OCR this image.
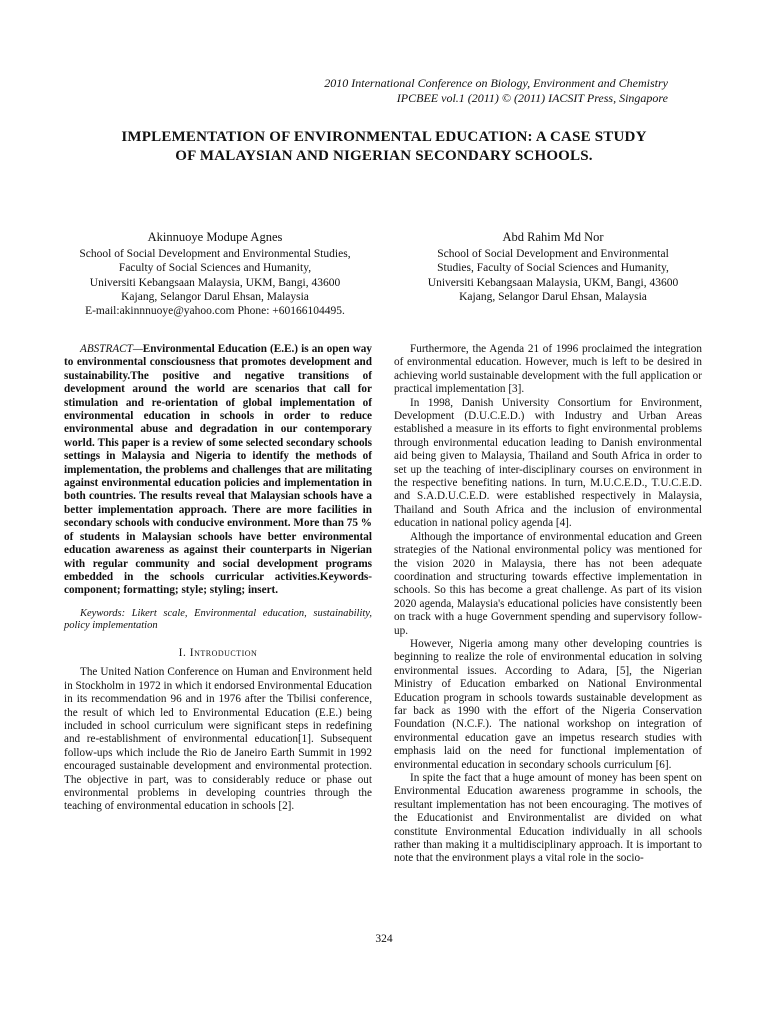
2010 International Conference on Biology, Environment and Chemistry
IPCBEE vol.1 (2011) © (2011) IACSIT Press, Singapore
IMPLEMENTATION OF ENVIRONMENTAL EDUCATION: A CASE STUDY
OF MALAYSIAN AND NIGERIAN SECONDARY SCHOOLS.
Akinnuoye Modupe Agnes
School of Social Development and Environmental Studies,
Faculty of Social Sciences and Humanity,
Universiti Kebangsaan Malaysia, UKM, Bangi, 43600
Kajang, Selangor Darul Ehsan, Malaysia
E-mail:akinnnuoye@yahoo.com Phone: +60166104495.
Abd Rahim Md Nor
School of Social Development and Environmental
Studies, Faculty of Social Sciences and Humanity,
Universiti Kebangsaan Malaysia, UKM, Bangi, 43600
Kajang, Selangor Darul Ehsan, Malaysia

ABSTRACT—Environmental Education (E.E.) is an open way to environmental consciousness that promotes development and sustainability.The positive and negative transitions of development around the world are scenarios that call for stimulation and re-orientation of global implementation of environmental education in schools in order to reduce environmental abuse and degradation in our contemporary world. This paper is a review of some selected secondary schools settings in Malaysia and Nigeria to identify the methods of implementation, the problems and challenges that are militating against environmental education policies and implementation in both countries. The results reveal that Malaysian schools have a better implementation approach. There are more facilities in secondary schools with conducive environment. More than 75 % of students in Malaysian schools have better environmental education awareness as against their counterparts in Nigerian with regular community and social development programs embedded in the schools curricular activities.Keywords-component; formatting; style; styling; insert.

Keywords: Likert scale, Environmental education, sustainability, policy implementation

I. Introduction

The United Nation Conference on Human and Environment held in Stockholm in 1972 in which it endorsed Environmental Education in its recommendation 96 and in 1976 after the Tbilisi conference, the result of which led to Environmental Education (E.E.) being included in school curriculum were significant steps in redefining and re-establishment of environmental education[1]. Subsequent follow-ups which include the Rio de Janeiro Earth Summit in 1992 encouraged sustainable development and environmental protection. The objective in part, was to considerably reduce or phase out environmental problems in developing countries through the teaching of environmental education in schools [2].

Furthermore, the Agenda 21 of 1996 proclaimed the integration of environmental education. However, much is left to be desired in achieving world sustainable development with the full application or practical implementation [3].

In 1998, Danish University Consortium for Environment, Development (D.U.C.E.D.) with Industry and Urban Areas established a measure in its efforts to fight environmental problems through environmental education leading to Danish environmental aid being given to Malaysia, Thailand and South Africa in order to set up the teaching of inter-disciplinary courses on environment in the respective benefiting nations. In turn, M.U.C.E.D., T.U.C.E.D. and S.A.D.U.C.E.D. were established respectively in Malaysia, Thailand and South Africa and the inclusion of environmental education in national policy agenda [4].

Although the importance of environmental education and Green strategies of the National environmental policy was mentioned for the vision 2020 in Malaysia, there has not been adequate coordination and structuring towards effective implementation in schools. So this has become a great challenge. As part of its vision 2020 agenda, Malaysia's educational policies have consistently been on track with a huge Government spending and supervisory follow-up.

However, Nigeria among many other developing countries is beginning to realize the role of environmental education in solving environmental issues. According to Adara, [5], the Nigerian Ministry of Education embarked on National Environmental Education program in schools towards sustainable development as far back as 1990 with the effort of the Nigeria Conservation Foundation (N.C.F.). The national workshop on integration of environmental education gave an impetus research studies with emphasis laid on the need for functional implementation of environmental education in secondary schools curriculum [6].

In spite the fact that a huge amount of money has been spent on Environmental Education awareness programme in schools, the resultant implementation has not been encouraging. The motives of the Educationist and Environmentalist are divided on what constitute Environmental Education individually in all schools rather than making it a multidisciplinary approach. It is important to note that the environment plays a vital role in the socio-

324
